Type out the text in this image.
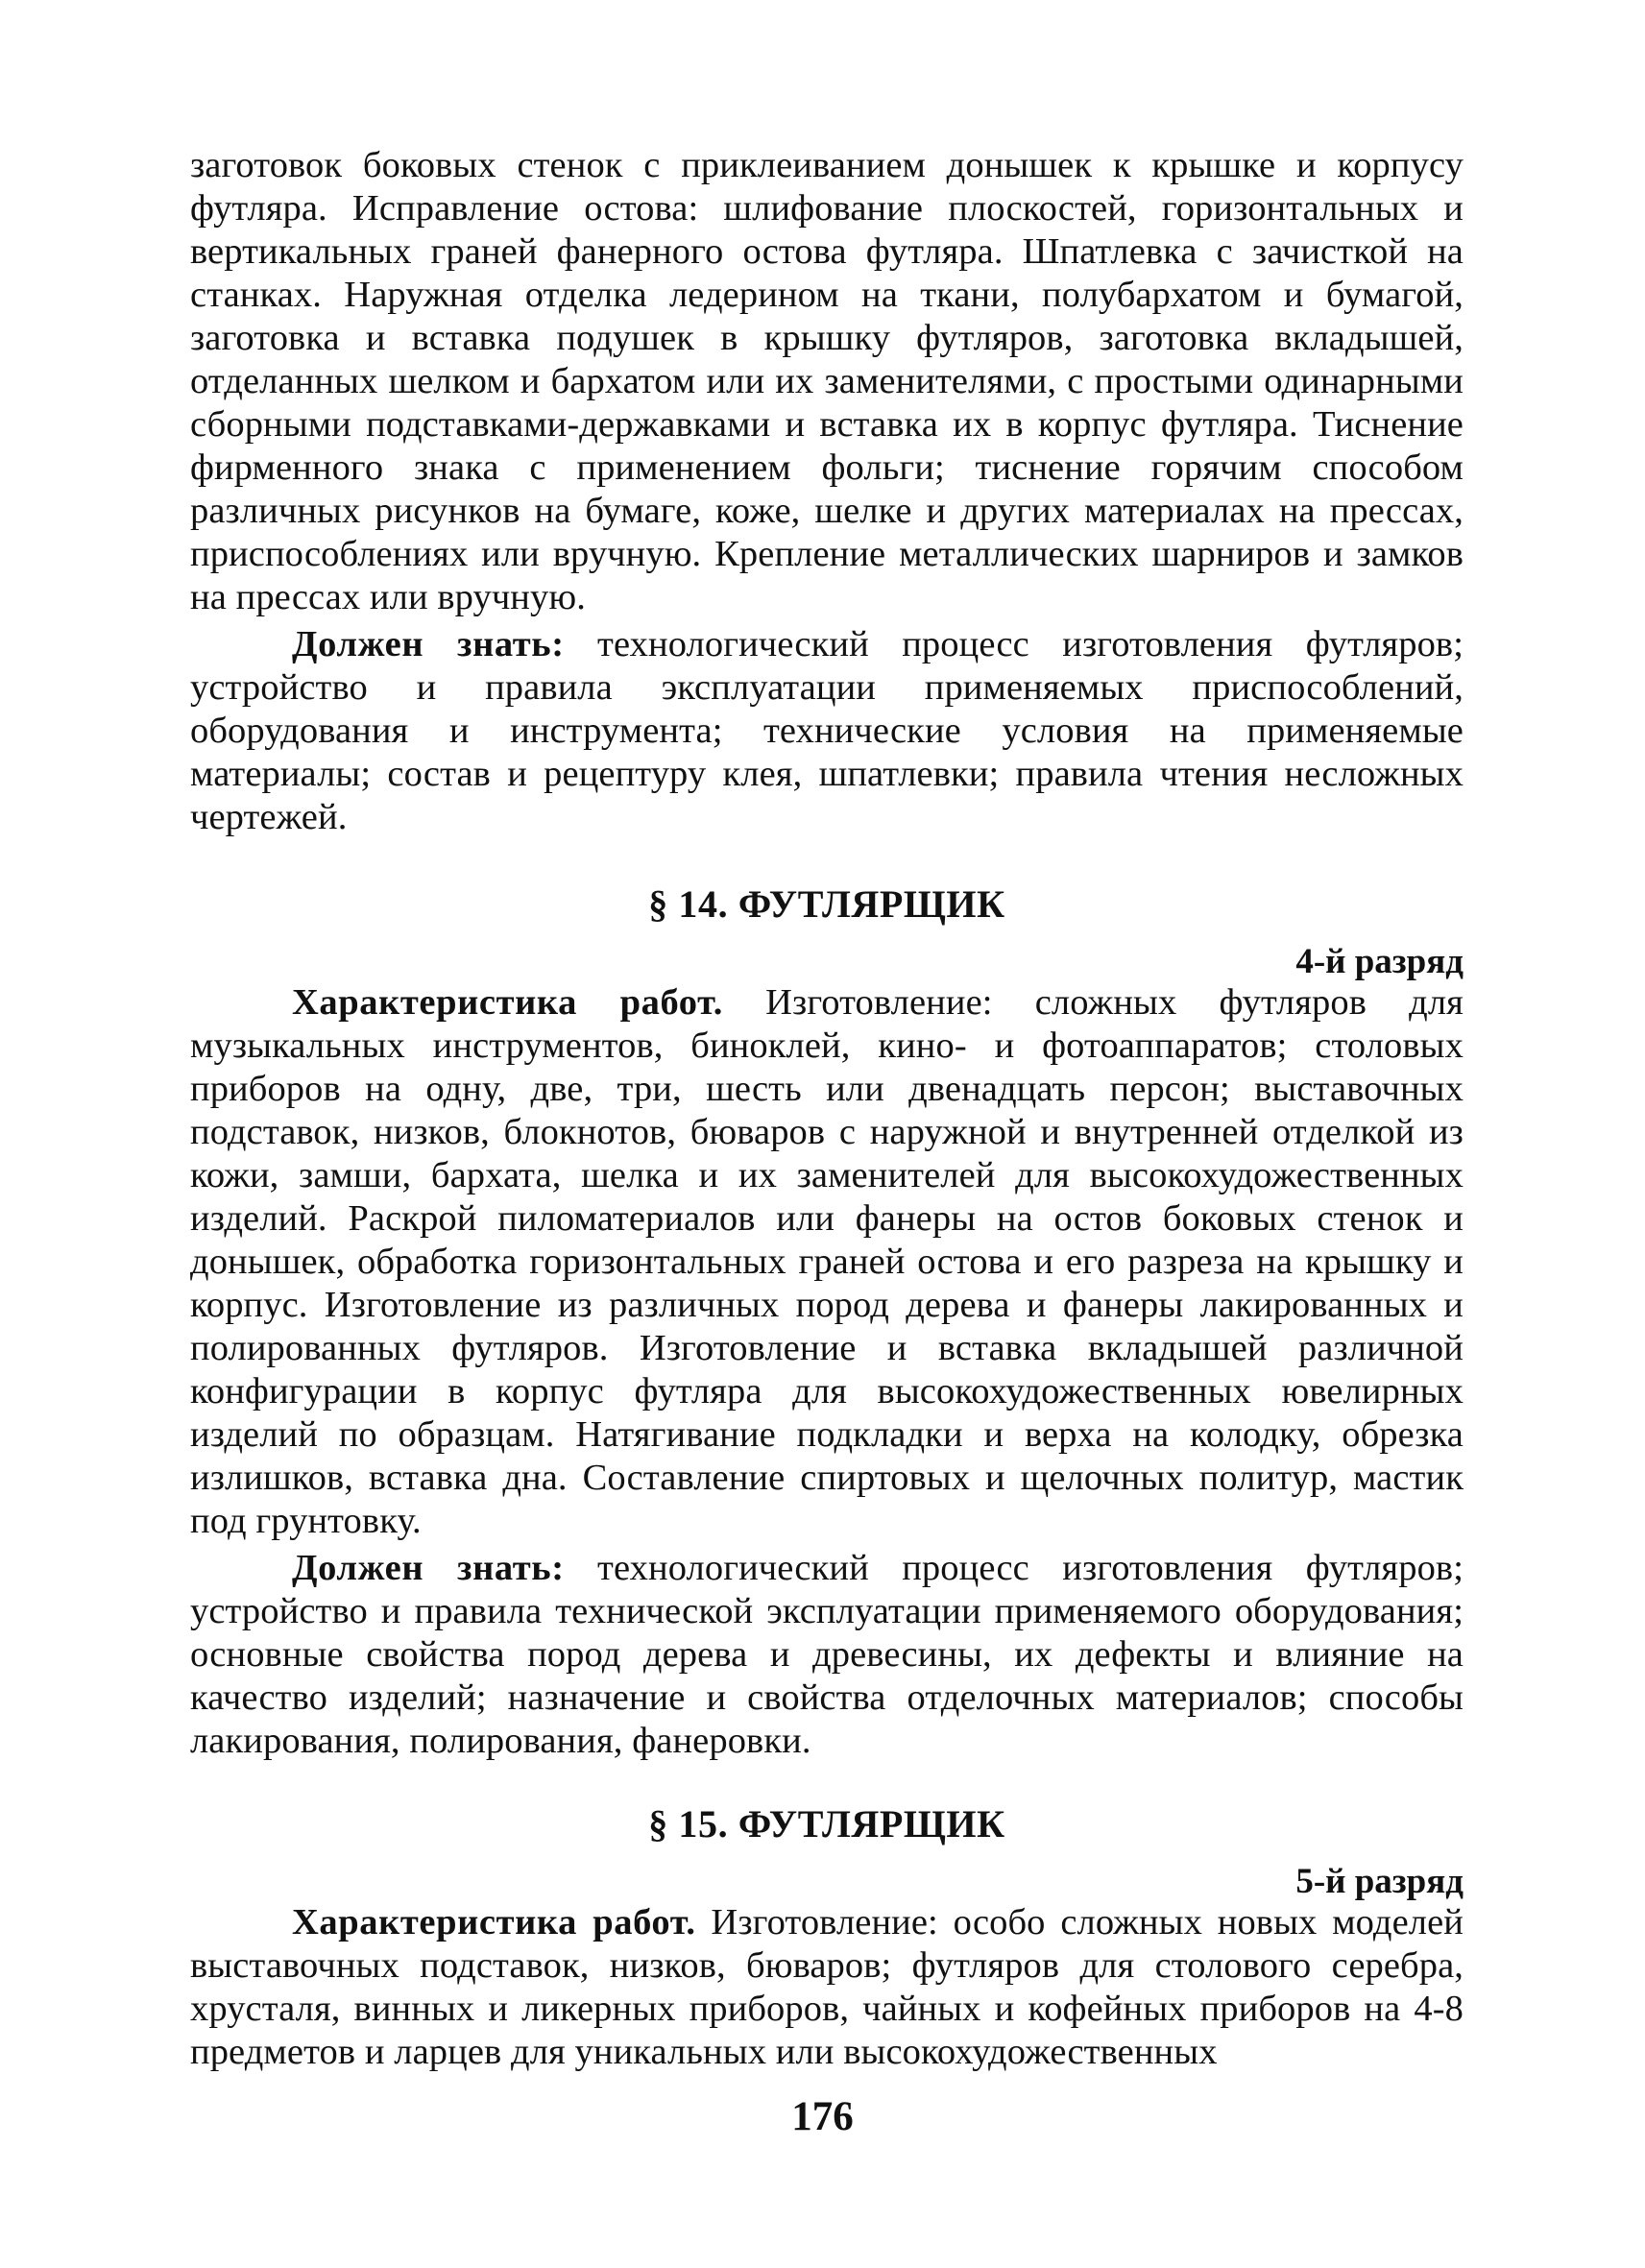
заготовок боковых стенок с приклеиванием донышек к крышке и корпусу футляра. Исправление остова: шлифование плоскостей, горизонтальных и вертикальных граней фанерного остова футляра. Шпатлевка с зачисткой на станках. Наружная отделка ледерином на ткани, полубархатом и бумагой, заготовка и вставка подушек в крышку футляров, заготовка вкладышей, отделанных шелком и бархатом или их заменителями, с простыми одинарными сборными подставками-державками и вставка их в корпус футляра. Тиснение фирменного знака с применением фольги; тиснение горячим способом различных рисунков на бумаге, коже, шелке и других материалах на прессах, приспособлениях или вручную. Крепление металлических шарниров и замков на прессах или вручную.

Должен знать: технологический процесс изготовления футляров; устройство и правила эксплуатации применяемых приспособлений, оборудования и инструмента; технические условия на применяемые материалы; состав и рецептуру клея, шпатлевки; правила чтения несложных чертежей.

§ 14. ФУТЛЯРЩИК

4-й разряд

Характеристика работ. Изготовление: сложных футляров для музыкальных инструментов, биноклей, кино- и фотоаппаратов; столовых приборов на одну, две, три, шесть или двенадцать персон; выставочных подставок, низков, блокнотов, бюваров с наружной и внутренней отделкой из кожи, замши, бархата, шелка и их заменителей для высокохудожественных изделий. Раскрой пиломатериалов или фанеры на остов боковых стенок и донышек, обработка горизонтальных граней остова и его разреза на крышку и корпус. Изготовление из различных пород дерева и фанеры лакированных и полированных футляров. Изготовление и вставка вкладышей различной конфигурации в корпус футляра для высокохудожественных ювелирных изделий по образцам. Натягивание подкладки и верха на колодку, обрезка излишков, вставка дна. Составление спиртовых и щелочных политур, мастик под грунтовку.

Должен знать: технологический процесс изготовления футляров; устройство и правила технической эксплуатации применяемого оборудования; основные свойства пород дерева и древесины, их дефекты и влияние на качество изделий; назначение и свойства отделочных материалов; способы лакирования, полирования, фанеровки.

§ 15. ФУТЛЯРЩИК

5-й разряд

Характеристика работ. Изготовление: особо сложных новых моделей выставочных подставок, низков, бюваров; футляров для столового серебра, хрусталя, винных и ликерных приборов, чайных и кофейных приборов на 4-8 предметов и ларцев для уникальных или высокохудожественных

176
